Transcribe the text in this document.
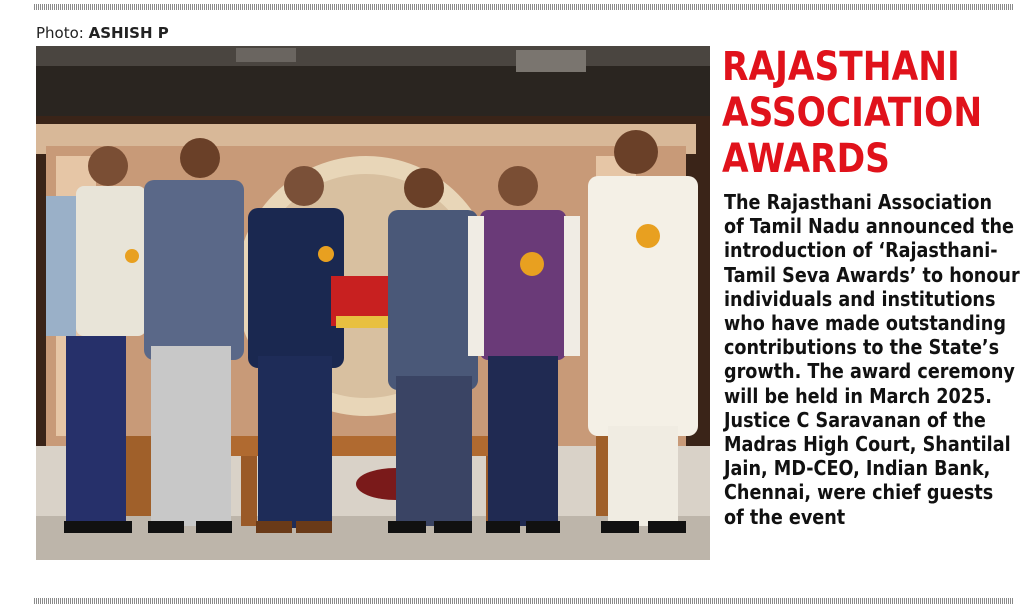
Photo: ASHISH P
RAJASTHANI
ASSOCIATION
AWARDS
The Rajasthani Association
of Tamil Nadu announced the
introduction of ‘Rajasthani-
Tamil Seva Awards’ to honour
individuals and institutions
who have made outstanding
contributions to the State’s
growth. The award ceremony
will be held in March 2025.
Justice C Saravanan of the
Madras High Court, Shantilal
Jain, MD-CEO, Indian Bank,
Chennai, were chief guests
of the event
